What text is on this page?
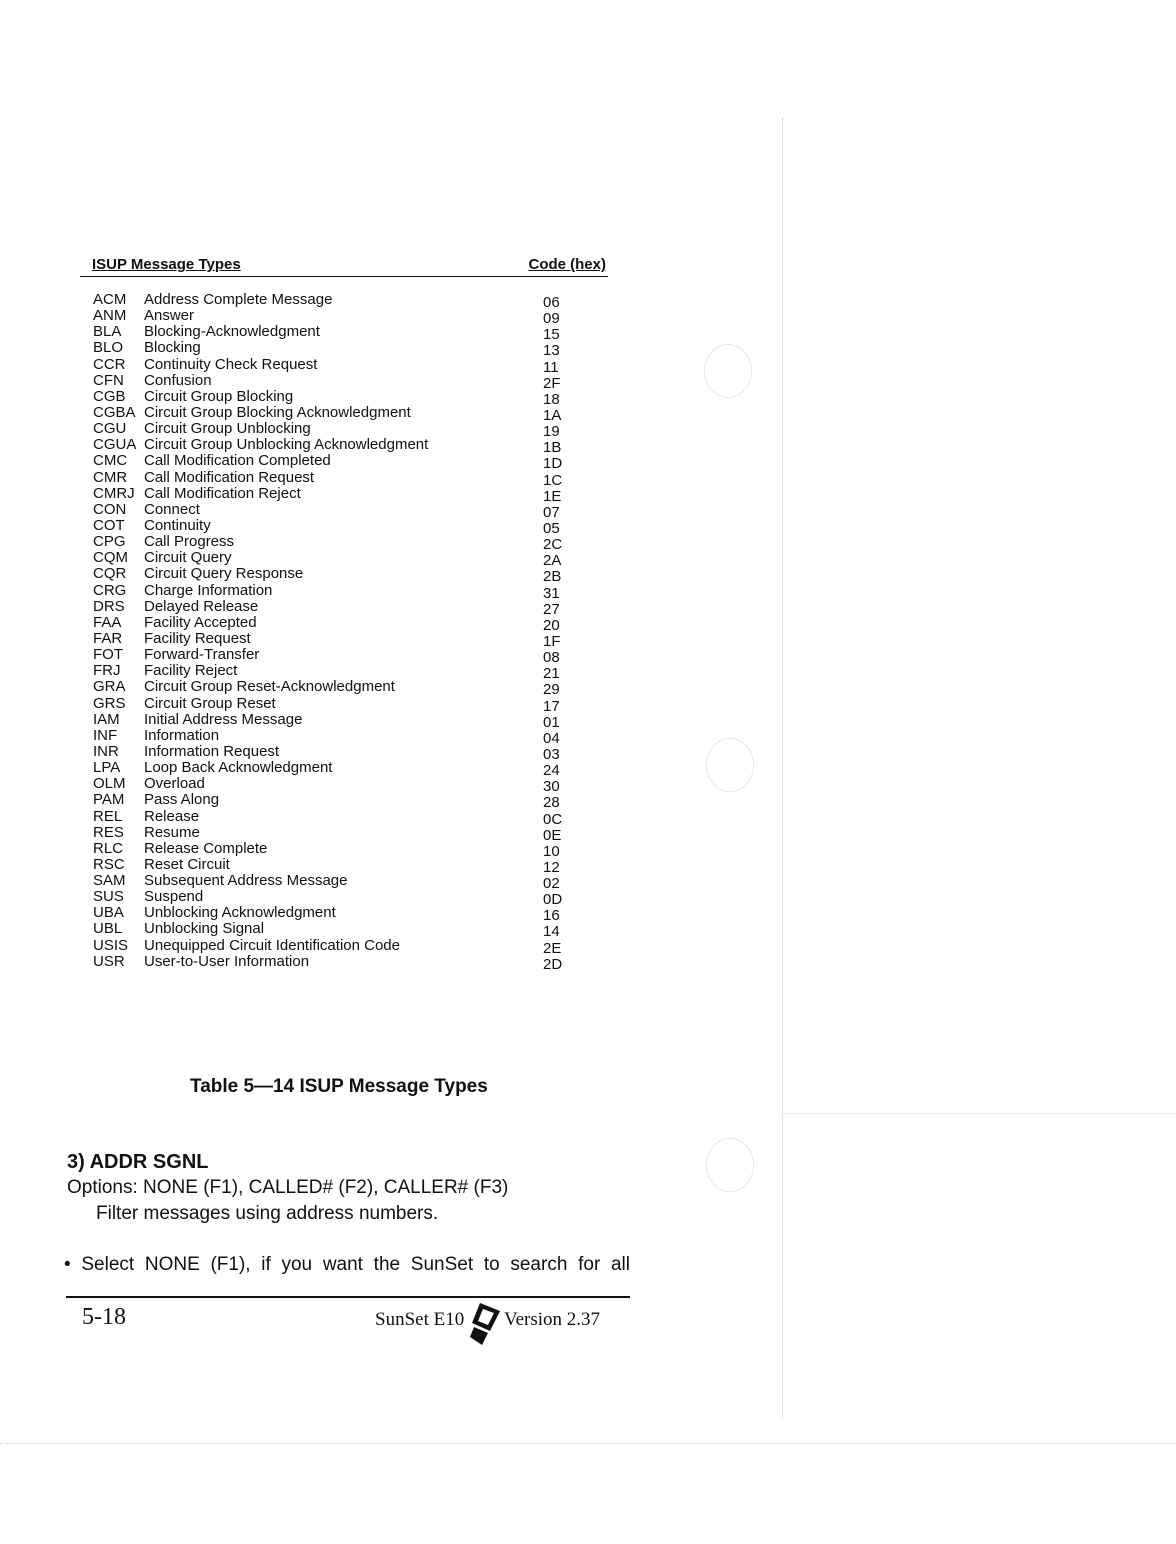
ISUP Message Types	Code (hex)
ACM Address Complete Message	06
ANM Answer	09
BLA Blocking-Acknowledgment	15
BLO Blocking	13
CCR Continuity Check Request	11
CFN Confusion	2F
CGB Circuit Group Blocking	18
CGBA Circuit Group Blocking Acknowledgment	1A
CGU Circuit Group Unblocking	19
CGUA Circuit Group Unblocking Acknowledgment	1B
CMC Call Modification Completed	1D
CMR Call Modification Request	1C
CMRJ Call Modification Reject	1E
CON Connect	07
COT Continuity	05
CPG Call Progress	2C
CQM Circuit Query	2A
CQR Circuit Query Response	2B
CRG Charge Information	31
DRS Delayed Release	27
FAA Facility Accepted	20
FAR Facility Request	1F
FOT Forward-Transfer	08
FRJ Facility Reject	21
GRA Circuit Group Reset-Acknowledgment	29
GRS Circuit Group Reset	17
IAM Initial Address Message	01
INF Information	04
INR Information Request	03
LPA Loop Back Acknowledgment	24
OLM Overload	30
PAM Pass Along	28
REL Release	0C
RES Resume	0E
RLC Release Complete	10
RSC Reset Circuit	12
SAM Subsequent Address Message	02
SUS Suspend	0D
UBA Unblocking Acknowledgment	16
UBL Unblocking Signal	14
USIS Unequipped Circuit Identification Code	2E
USR User-to-User Information	2D
Table 5—14 ISUP Message Types
3) ADDR SGNL
Options: NONE (F1), CALLED# (F2), CALLER# (F3)
Filter messages using address numbers.
• Select NONE (F1), if you want the SunSet to search for all
5-18	SunSet E10 Version 2.37
